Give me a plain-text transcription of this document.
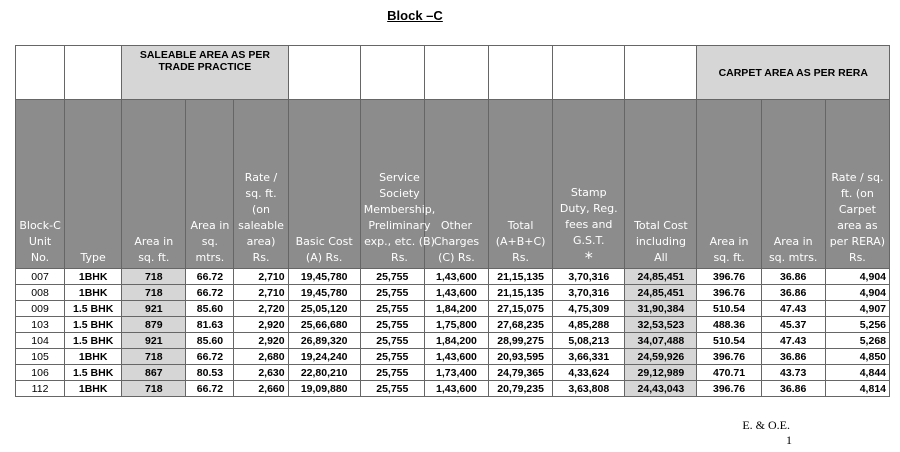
Block –C
		SALEABLE AREA AS PER TRADE PRACTICE									CARPET AREA AS PER RERA		
Block-C Unit No.	Type	Area in sq. ft.	Area in sq. mtrs.	Rate / sq. ft. (on saleable area) Rs.	Basic Cost (A) Rs.	Service Society Membership, Preliminary exp., etc. (B) Rs.	Other Charges (C) Rs.	Total (A+B+C) Rs.	Stamp Duty, Reg. fees and G.S.T. *	Total Cost including All	Area in sq. ft.	Area in sq. mtrs.	Rate / sq. ft. (on Carpet area as per RERA) Rs.
007	1BHK	718	66.72	2,710	19,45,780	25,755	1,43,600	21,15,135	3,70,316	24,85,451	396.76	36.86	4,904
008	1BHK	718	66.72	2,710	19,45,780	25,755	1,43,600	21,15,135	3,70,316	24,85,451	396.76	36.86	4,904
009	1.5 BHK	921	85.60	2,720	25,05,120	25,755	1,84,200	27,15,075	4,75,309	31,90,384	510.54	47.43	4,907
103	1.5 BHK	879	81.63	2,920	25,66,680	25,755	1,75,800	27,68,235	4,85,288	32,53,523	488.36	45.37	5,256
104	1.5 BHK	921	85.60	2,920	26,89,320	25,755	1,84,200	28,99,275	5,08,213	34,07,488	510.54	47.43	5,268
105	1BHK	718	66.72	2,680	19,24,240	25,755	1,43,600	20,93,595	3,66,331	24,59,926	396.76	36.86	4,850
106	1.5 BHK	867	80.53	2,630	22,80,210	25,755	1,73,400	24,79,365	4,33,624	29,12,989	470.71	43.73	4,844
112	1BHK	718	66.72	2,660	19,09,880	25,755	1,43,600	20,79,235	3,63,808	24,43,043	396.76	36.86	4,814
E. & O.E.
1
